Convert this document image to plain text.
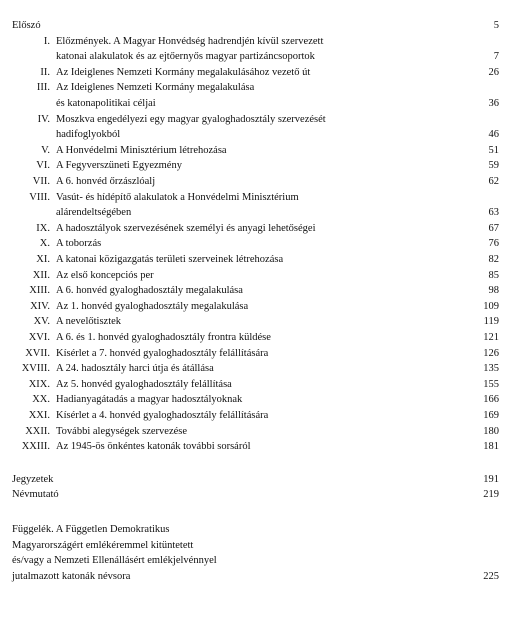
Előszó	5
I. Előzmények. A Magyar Honvédség hadrendjén kívül szervezett
katonai alakulatok és az ejtőernyős magyar partizáncsoportok	7
II. Az Ideiglenes Nemzeti Kormány megalakulásához vezető út	26
III. Az Ideiglenes Nemzeti Kormány megalakulása
és katonapolitikai céljai	36
IV. Moszkva engedélyezi egy magyar gyaloghadosztály szervezését
hadifoglyokból	46
V. A Honvédelmi Minisztérium létrehozása	51
VI. A Fegyverszüneti Egyezmény	59
VII. A 6. honvéd őrzászlóalj	62
VIII. Vasút- és hídépítő alakulatok a Honvédelmi Minisztérium
alárendeltségében	63
IX. A hadosztályok szervezésének személyi és anyagi lehetőségei	67
X. A toborzás	76
XI. A katonai közigazgatás területi szerveinek létrehozása	82
XII. Az első koncepciós per	85
XIII. A 6. honvéd gyaloghadosztály megalakulása	98
XIV. Az 1. honvéd gyaloghadosztály megalakulása	109
XV. A nevelőtisztek	119
XVI. A 6. és 1. honvéd gyaloghadosztály frontra küldése	121
XVII. Kísérlet a 7. honvéd gyaloghadosztály felállítására	126
XVIII. A 24. hadosztály harci útja és átállása	135
XIX. Az 5. honvéd gyaloghadosztály felállítása	155
XX. Hadianyagátadás a magyar hadosztályoknak	166
XXI. Kísérlet a 4. honvéd gyaloghadosztály felállítására	169
XXII. További alegységek szervezése	180
XXIII. Az 1945-ös önkéntes katonák további sorsáról	181
Jegyzetek	191
Névmutató	219
Függelék. A Független Demokratikus
Magyarországért emlékéremmel kitüntetett
és/vagy a Nemzeti Ellenállásért emlékjelvénnyel
jutalmazott katonák névsora	225
